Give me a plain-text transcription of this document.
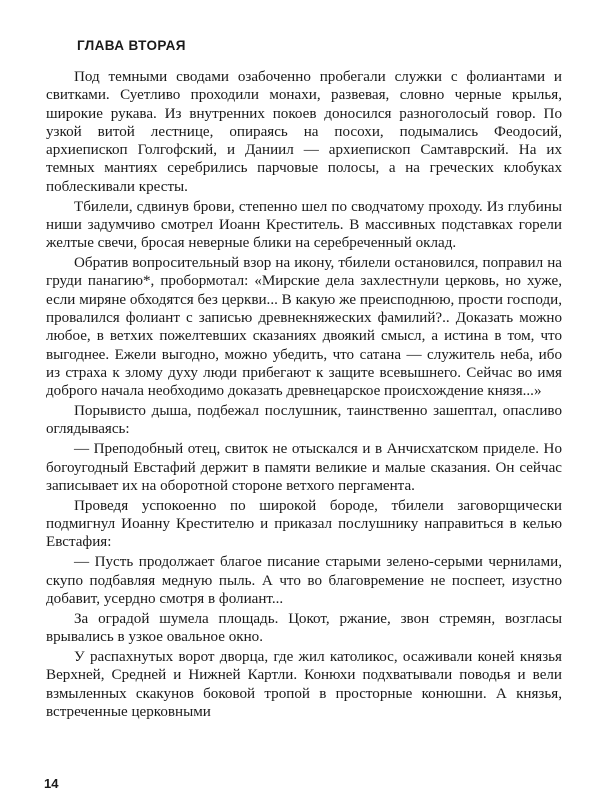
ГЛАВА ВТОРАЯ

Под темными сводами озабоченно пробегали служки с фолиантами и свитками. Суетливо проходили монахи, развевая, словно черные крылья, широкие рукава. Из внутренних покоев доносился разноголосый говор. По узкой витой лестнице, опираясь на посохи, подымались Феодосий, архиепископ Голгофский, и Даниил — архиепископ Самтаврский. На их темных мантиях серебрились парчовые полосы, а на греческих клобуках поблескивали кресты.

Тбилели, сдвинув брови, степенно шел по сводчатому проходу. Из глубины ниши задумчиво смотрел Иоанн Креститель. В массивных подставках горели желтые свечи, бросая неверные блики на серебреченный оклад.

Обратив вопросительный взор на икону, тбилели остановился, поправил на груди панагию*, пробормотал: «Мирские дела захлестнули церковь, но хуже, если миряне обходятся без церкви... В какую же преисподнюю, прости господи, провалился фолиант с записью древнекняжеских фамилий?.. Доказать можно любое, в ветхих пожелтевших сказаниях двоякий смысл, а истина в том, что выгоднее. Ежели выгодно, можно убедить, что сатана — служитель неба, ибо из страха к злому духу люди прибегают к защите всевышнего. Сейчас во имя доброго начала необходимо доказать древнецарское происхождение князя...»

Порывисто дыша, подбежал послушник, таинственно зашептал, опасливо оглядываясь:

— Преподобный отец, свиток не отыскался и в Анчисхатском приделе. Но богоугодный Евстафий держит в памяти великие и малые сказания. Он сейчас записывает их на оборотной стороне ветхого пергамента.

Проведя успокоенно по широкой бороде, тбилели заговорщически подмигнул Иоанну Крестителю и приказал послушнику направиться в келью Евстафия:

— Пусть продолжает благое писание старыми зелено-серыми чернилами, скупо подбавляя медную пыль. А что во благовремение не поспеет, изустно добавит, усердно смотря в фолиант...

За оградой шумела площадь. Цокот, ржание, звон стремян, возгласы врывались в узкое овальное окно.

У распахнутых ворот дворца, где жил католикос, осаживали коней князья Верхней, Средней и Нижней Картли. Конюхи подхватывали поводья и вели взмыленных скакунов боковой тропой в просторные конюшни. А князья, встреченные церковными

14
